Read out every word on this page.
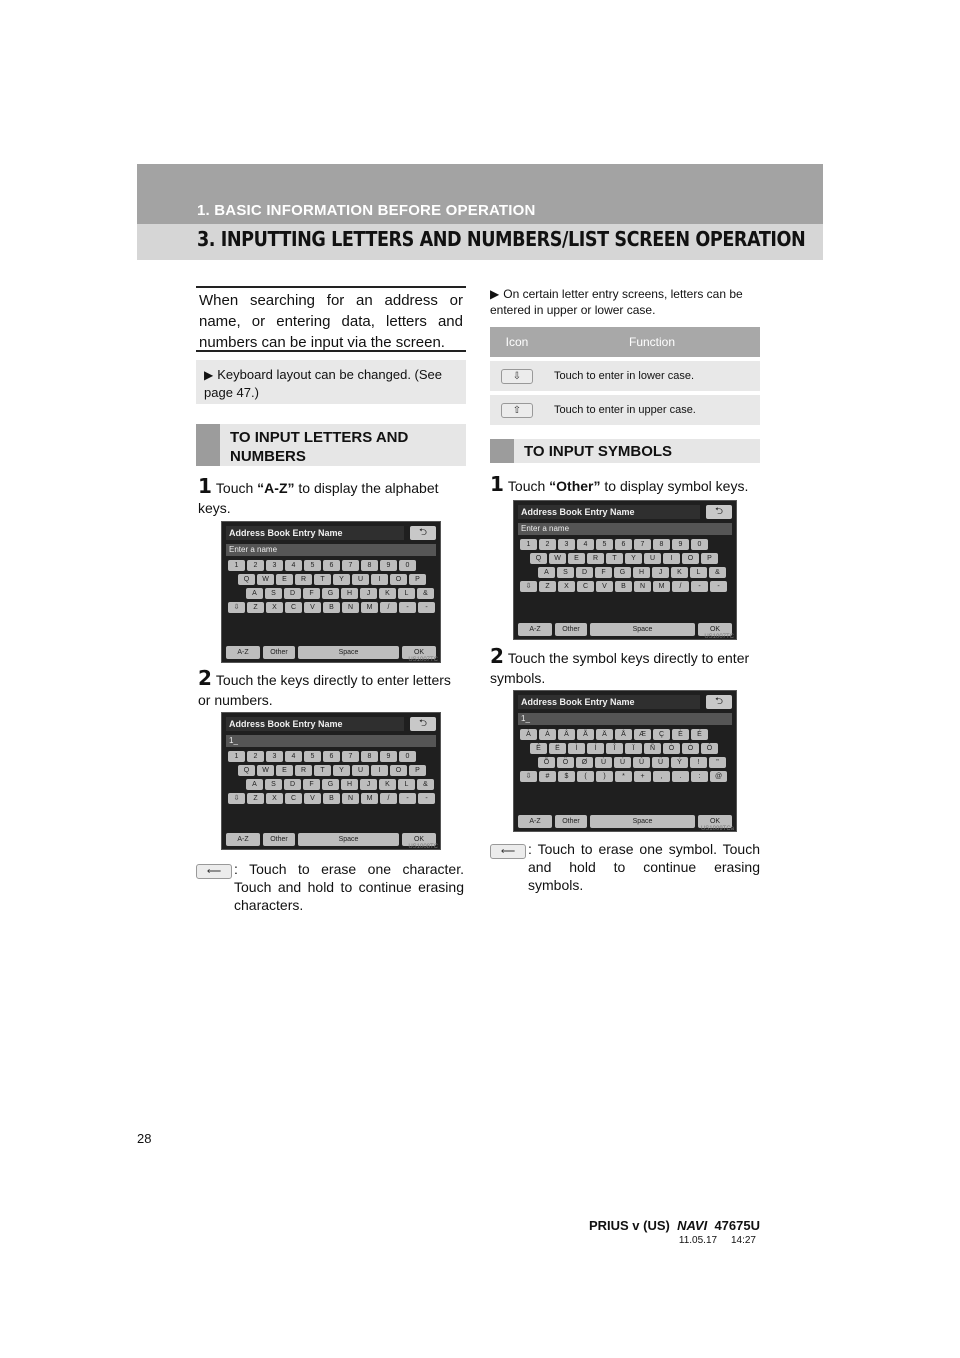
1. BASIC INFORMATION BEFORE OPERATION
3. INPUTTING LETTERS AND NUMBERS/LIST SCREEN OPERATION

When searching for an address or name, or entering data, letters and numbers can be input via the screen.

▶ Keyboard layout can be changed. (See page 47.)
TO INPUT LETTERS AND NUMBERS
1 Touch “A-Z” to display the alphabet keys.
Address Book Entry Name	⮌
Enter a name
1	2	3	4	5	6	7	8	9	0
Q	W	E	R	T	Y	U	I	O	P
A	S	D	F	G	H	J	K	L	&
⇩	Z	X	C	V	B	N	M	/	-	-
A-Z	Other	Space	OK
US1007TC
2 Touch the keys directly to enter letters or numbers.
Address Book Entry Name	⮌
1_
1	2	3	4	5	6	7	8	9	0
Q	W	E	R	T	Y	U	I	O	P
A	S	D	F	G	H	J	K	L	&
⇩	Z	X	C	V	B	N	M	/	-	-
A-Z	Other	Space	OK
US1008TC
⟵ : Touch to erase one character. Touch and hold to continue erasing characters.
▶ On certain letter entry screens, letters can be entered in upper or lower case.
Icon	Function
⇩	Touch to enter in lower case.
⇧	Touch to enter in upper case.
TO INPUT SYMBOLS
1 Touch “Other” to display symbol keys.
Address Book Entry Name	⮌
Enter a name
1	2	3	4	5	6	7	8	9	0
Q	W	E	R	T	Y	U	I	O	P
A	S	D	F	G	H	J	K	L	&
⇩	Z	X	C	V	B	N	M	/	-	-
A-Z	Other	Space	OK
US1007TC
2 Touch the symbol keys directly to enter symbols.
Address Book Entry Name	⮌
1_
À	Á	Â	Ã	Ä	Å	Æ	Ç	È	É
Ê	Ë	Ì	Í	Î	Ï	Ñ	Ò	Ó	Ô
Õ	Ö	Ø	Ù	Ú	Û	Ü	Ý	!	"
⇩	#	$	(	)	*	+	,	.	:	@
A-Z	Other	Space	OK
US1009TCa
⟵ : Touch to erase one symbol. Touch and hold to continue erasing symbols.
28
PRIUS v (US) NAVI 47675U
11.05.17     14:27
